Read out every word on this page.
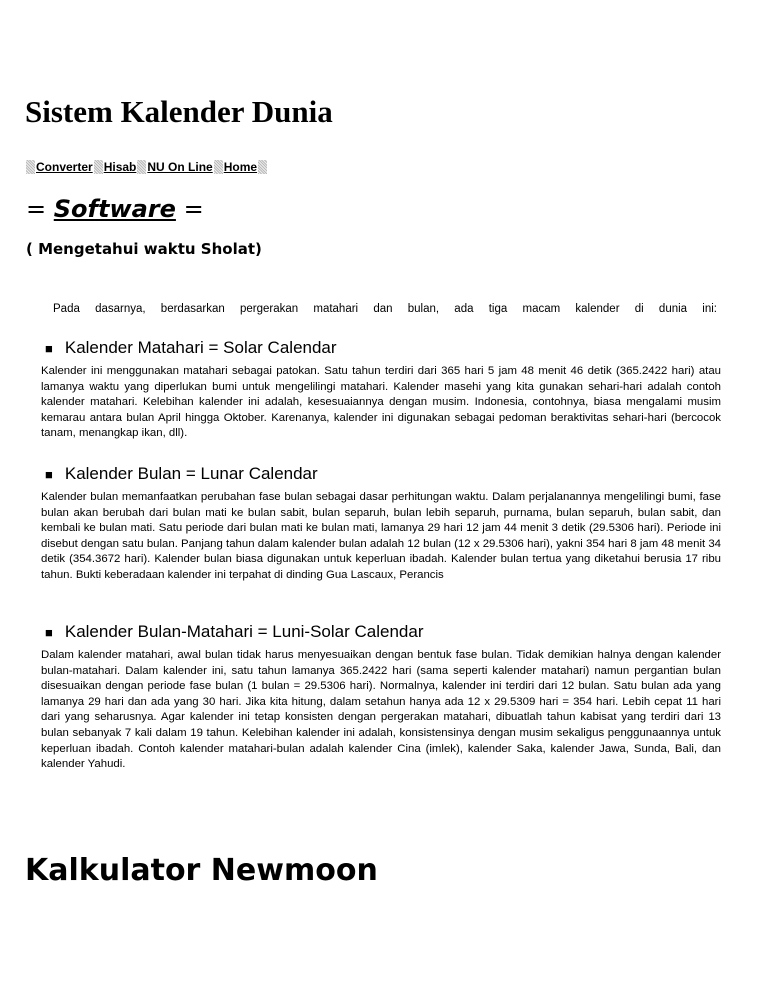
Sistem Kalender Dunia
Converter Hisab NU On Line Home
= Software =
( Mengetahui waktu Sholat)
Pada dasarnya, berdasarkan pergerakan matahari dan bulan, ada tiga macam kalender di dunia ini:
■ Kalender Matahari = Solar Calendar

Kalender ini menggunakan matahari sebagai patokan. Satu tahun terdiri dari 365 hari 5 jam 48 menit 46 detik (365.2422 hari) atau lamanya waktu yang diperlukan bumi untuk mengelilingi matahari. Kalender masehi yang kita gunakan sehari-hari adalah contoh kalender matahari. Kelebihan kalender ini adalah, kesesuaiannya dengan musim. Indonesia, contohnya, biasa mengalami musim kemarau antara bulan April hingga Oktober. Karenanya, kalender ini digunakan sebagai pedoman beraktivitas sehari-hari (bercocok tanam, menangkap ikan, dll).

■ Kalender Bulan = Lunar Calendar

Kalender bulan memanfaatkan perubahan fase bulan sebagai dasar perhitungan waktu. Dalam perjalanannya mengelilingi bumi, fase bulan akan berubah dari bulan mati ke bulan sabit, bulan separuh, bulan lebih separuh, purnama, bulan separuh, bulan sabit, dan kembali ke bulan mati. Satu periode dari bulan mati ke bulan mati, lamanya 29 hari 12 jam 44 menit 3 detik (29.5306 hari). Periode ini disebut dengan satu bulan. Panjang tahun dalam kalender bulan adalah 12 bulan (12 x 29.5306 hari), yakni 354 hari 8 jam 48 menit 34 detik (354.3672 hari). Kalender bulan biasa digunakan untuk keperluan ibadah. Kalender bulan tertua yang diketahui berusia 17 ribu tahun. Bukti keberadaan kalender ini terpahat di dinding Gua Lascaux, Perancis

■ Kalender Bulan-Matahari = Luni-Solar Calendar

Dalam kalender matahari, awal bulan tidak harus menyesuaikan dengan bentuk fase bulan. Tidak demikian halnya dengan kalender bulan-matahari. Dalam kalender ini, satu tahun lamanya 365.2422 hari (sama seperti kalender matahari) namun pergantian bulan disesuaikan dengan periode fase bulan (1 bulan = 29.5306 hari). Normalnya, kalender ini terdiri dari 12 bulan. Satu bulan ada yang lamanya 29 hari dan ada yang 30 hari. Jika kita hitung, dalam setahun hanya ada 12 x 29.5309 hari = 354 hari. Lebih cepat 11 hari dari yang seharusnya. Agar kalender ini tetap konsisten dengan pergerakan matahari, dibuatlah tahun kabisat yang terdiri dari 13 bulan sebanyak 7 kali dalam 19 tahun. Kelebihan kalender ini adalah, konsistensinya dengan musim sekaligus penggunaannya untuk keperluan ibadah. Contoh kalender matahari-bulan adalah kalender Cina (imlek), kalender Saka, kalender Jawa, Sunda, Bali, dan kalender Yahudi.

Kalkulator Newmoon
